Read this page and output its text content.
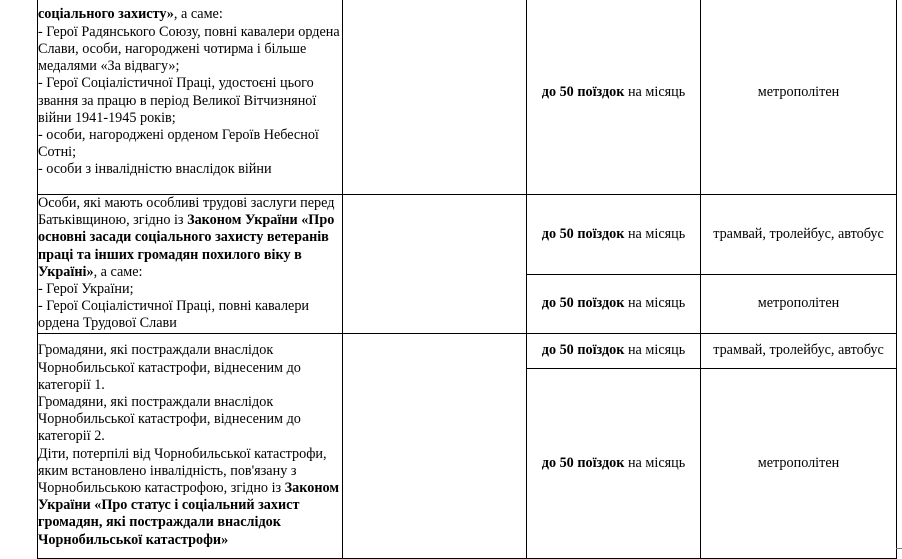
соціального захисту», а саме:

- Герої Радянського Союзу, повні кавалери ордена Слави, особи, нагороджені чотирма і більше медалями «За відвагу»;

- Герої Соціалістичної Праці, удостоєні цього звання за працю в період Великої Вітчизняної війни 1941-1945 років;

- особи, нагороджені орденом Героїв Небесної Сотні;

- особи з інвалідністю внаслідок війни		до 50 поїздок на місяць	метрополітен

Особи, які мають особливі трудові заслуги перед Батьківщиною, згідно із Законом України «Про основні засади соціального захисту ветеранів праці та інших громадян похилого віку в Україні», а саме:

- Герої України;

- Герої Соціалістичної Праці, повні кавалери ордена Трудової Слави		до 50 поїздок на місяць	трамвай, тролейбус, автобус
		до 50 поїздок на місяць	метрополітен

Громадяни, які постраждали внаслідок Чорнобильської катастрофи, віднесеним до категорії 1.

Громадяни, які постраждали внаслідок Чорнобильської катастрофи, віднесеним до категорії 2.

Діти, потерпілі від Чорнобильської катастрофи, яким встановлено інвалідність, пов'язану з Чорнобильською катастрофою, згідно із Законом України «Про статус і соціальний захист громадян, які постраждали внаслідок Чорнобильської катастрофи»		до 50 поїздок на місяць	трамвай, тролейбус, автобус
		до 50 поїздок на місяць	метрополітен
